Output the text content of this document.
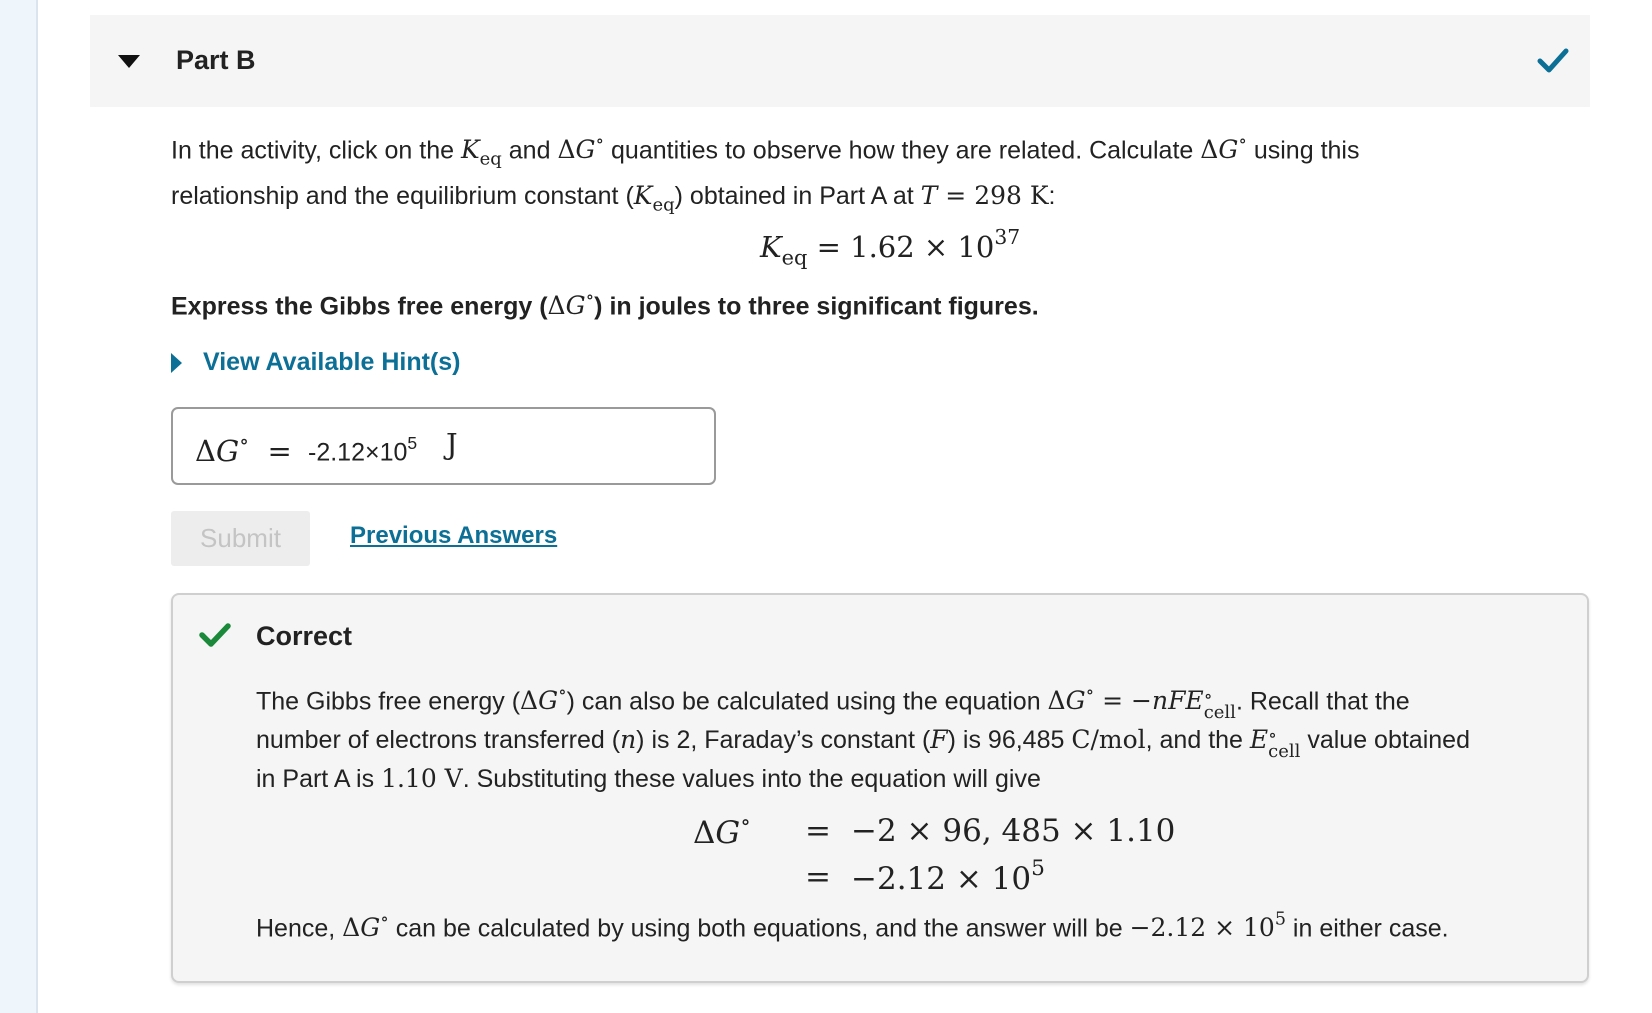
Part B
In the activity, click on the $K_{eq}$ and ΔG∘ quantities to observe how they are related. Calculate ΔG∘ using this
relationship and the equilibrium constant $(K_{eq})$ obtained in Part A at T = 298 K:
$K_{eq} = 1.62 \times 10^{37}$
Express the Gibbs free energy (ΔG∘) in joules to three significant figures.
View Available Hint(s)
$\Delta G^\circ = -2.12\times 10^5$ J
Submit	Previous Answers
Correct
The Gibbs free energy (ΔG∘) can also be calculated using the equation ΔG∘ = −nFE ∘
cell . Recall that the
number of electrons transferred (n) is 2, Faraday’s constant (F) is 96,485 C/mol, and the E ∘
cell value obtained
in Part A is 1.10 V. Substituting these values into the equation will give
ΔG∘	= −2 × 96, 485 × 1.10
= $-2.12 \times 10^5$
Hence, ΔG∘ can be calculated by using both equations, and the answer will be $-2.12 \times 10^5$ in either case.
